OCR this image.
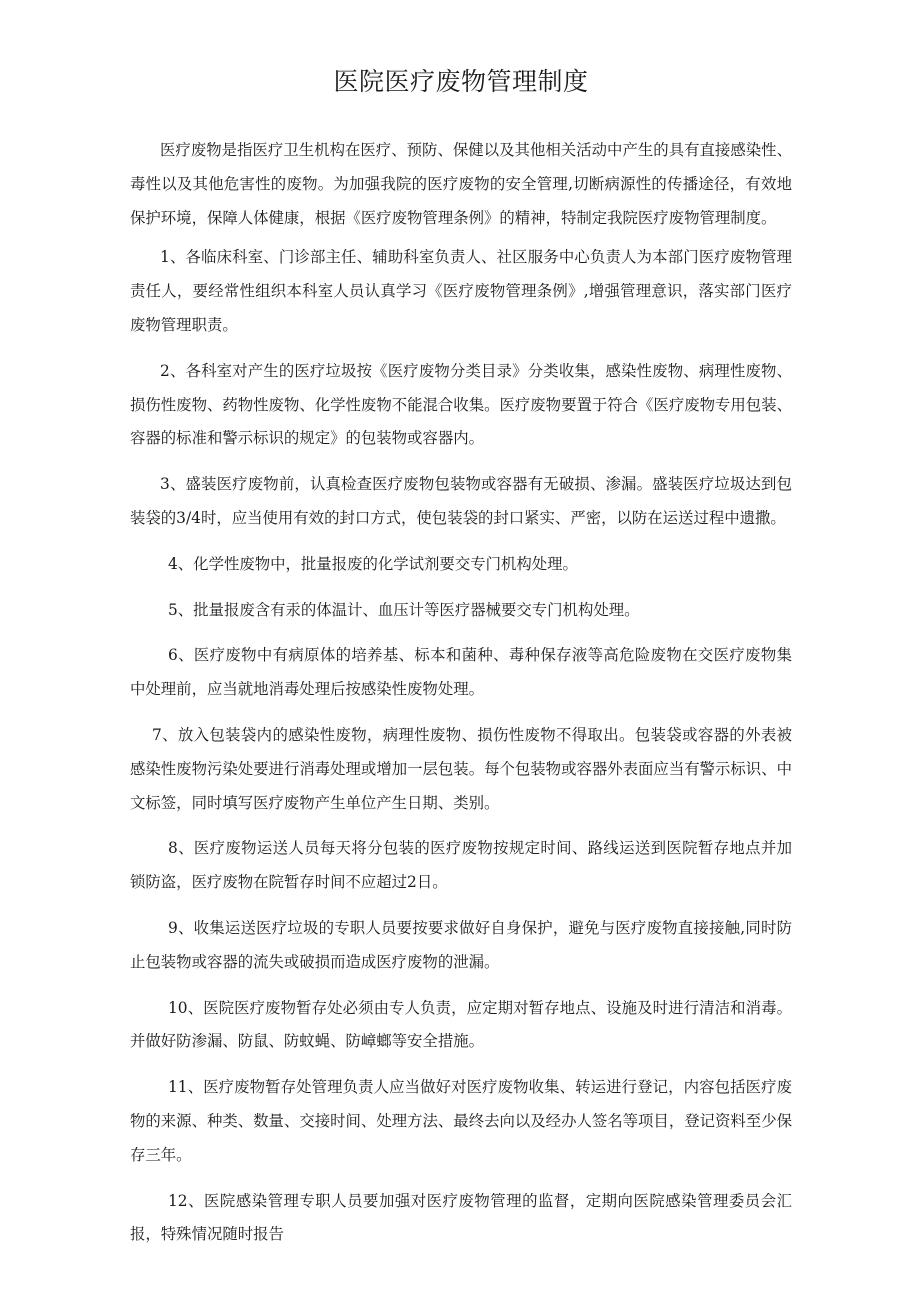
医院医疗废物管理制度

医疗废物是指医疗卫生机构在医疗、预防、保健以及其他相关活动中产生的具有直接感染性、毒性以及其他危害性的废物。为加强我院的医疗废物的安全管理,切断病源性的传播途径，有效地保护环境，保障人体健康，根据《医疗废物管理条例》的精神，特制定我院医疗废物管理制度。

1、各临床科室、门诊部主任、辅助科室负责人、社区服务中心负责人为本部门医疗废物管理责任人，要经常性组织本科室人员认真学习《医疗废物管理条例》,增强管理意识，落实部门医疗废物管理职责。

2、各科室对产生的医疗垃圾按《医疗废物分类目录》分类收集，感染性废物、病理性废物、损伤性废物、药物性废物、化学性废物不能混合收集。医疗废物要置于符合《医疗废物专用包装、容器的标准和警示标识的规定》的包装物或容器内。

3、盛装医疗废物前，认真检查医疗废物包装物或容器有无破损、渗漏。盛装医疗垃圾达到包装袋的3/4时，应当使用有效的封口方式，使包装袋的封口紧实、严密，以防在运送过程中遗撒。

4、化学性废物中，批量报废的化学试剂要交专门机构处理。

5、批量报废含有汞的体温计、血压计等医疗器械要交专门机构处理。

6、医疗废物中有病原体的培养基、标本和菌种、毒种保存液等高危险废物在交医疗废物集中处理前，应当就地消毒处理后按感染性废物处理。

7、放入包装袋内的感染性废物，病理性废物、损伤性废物不得取出。包装袋或容器的外表被感染性废物污染处要进行消毒处理或增加一层包装。每个包装物或容器外表面应当有警示标识、中文标签，同时填写医疗废物产生单位产生日期、类别。

8、医疗废物运送人员每天将分包装的医疗废物按规定时间、路线运送到医院暂存地点并加锁防盗，医疗废物在院暂存时间不应超过2日。

9、收集运送医疗垃圾的专职人员要按要求做好自身保护，避免与医疗废物直接接触,同时防止包装物或容器的流失或破损而造成医疗废物的泄漏。

10、医院医疗废物暂存处必须由专人负责，应定期对暂存地点、设施及时进行清洁和消毒。并做好防渗漏、防鼠、防蚊蝇、防嶂螂等安全措施。

11、医疗废物暂存处管理负责人应当做好对医疗废物收集、转运进行登记，内容包括医疗废物的来源、种类、数量、交接时间、处理方法、最终去向以及经办人签名等项目，登记资料至少保存三年。

12、医院感染管理专职人员要加强对医疗废物管理的监督，定期向医院感染管理委员会汇报，特殊情况随时报告
